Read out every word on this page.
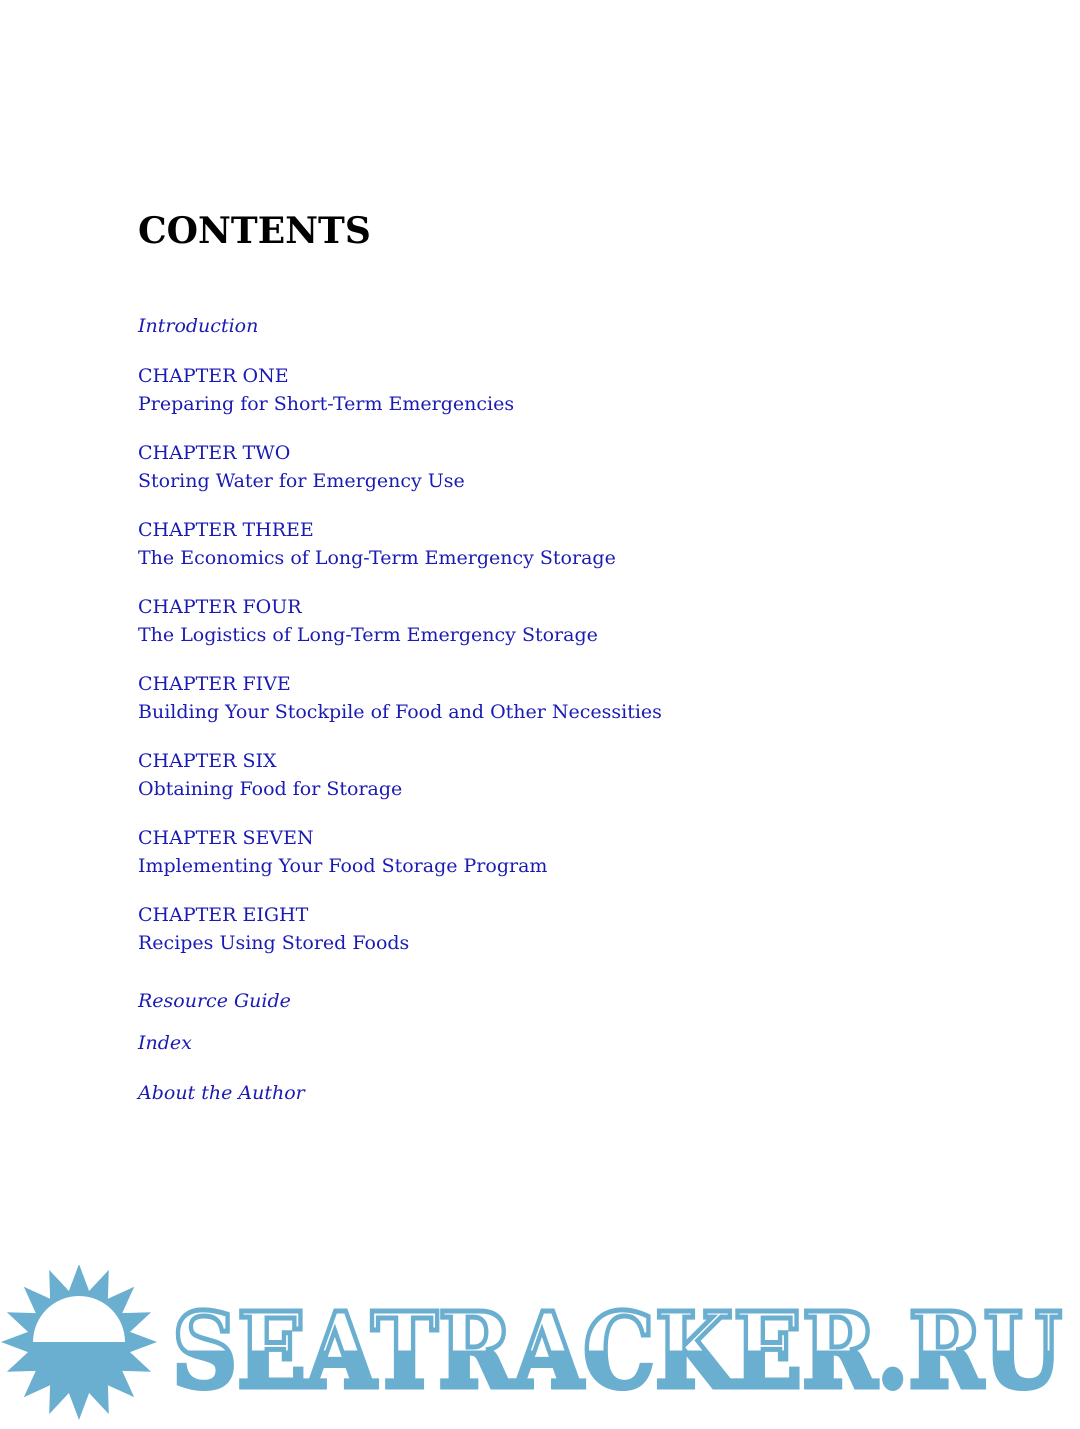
CONTENTS
Introduction
CHAPTER ONE
Preparing for Short-Term Emergencies
CHAPTER TWO
Storing Water for Emergency Use
CHAPTER THREE
The Economics of Long-Term Emergency Storage
CHAPTER FOUR
The Logistics of Long-Term Emergency Storage
CHAPTER FIVE
Building Your Stockpile of Food and Other Necessities
CHAPTER SIX
Obtaining Food for Storage
CHAPTER SEVEN
Implementing Your Food Storage Program
CHAPTER EIGHT
Recipes Using Stored Foods
Resource Guide
Index
About the Author
SEATRACKER.RU
